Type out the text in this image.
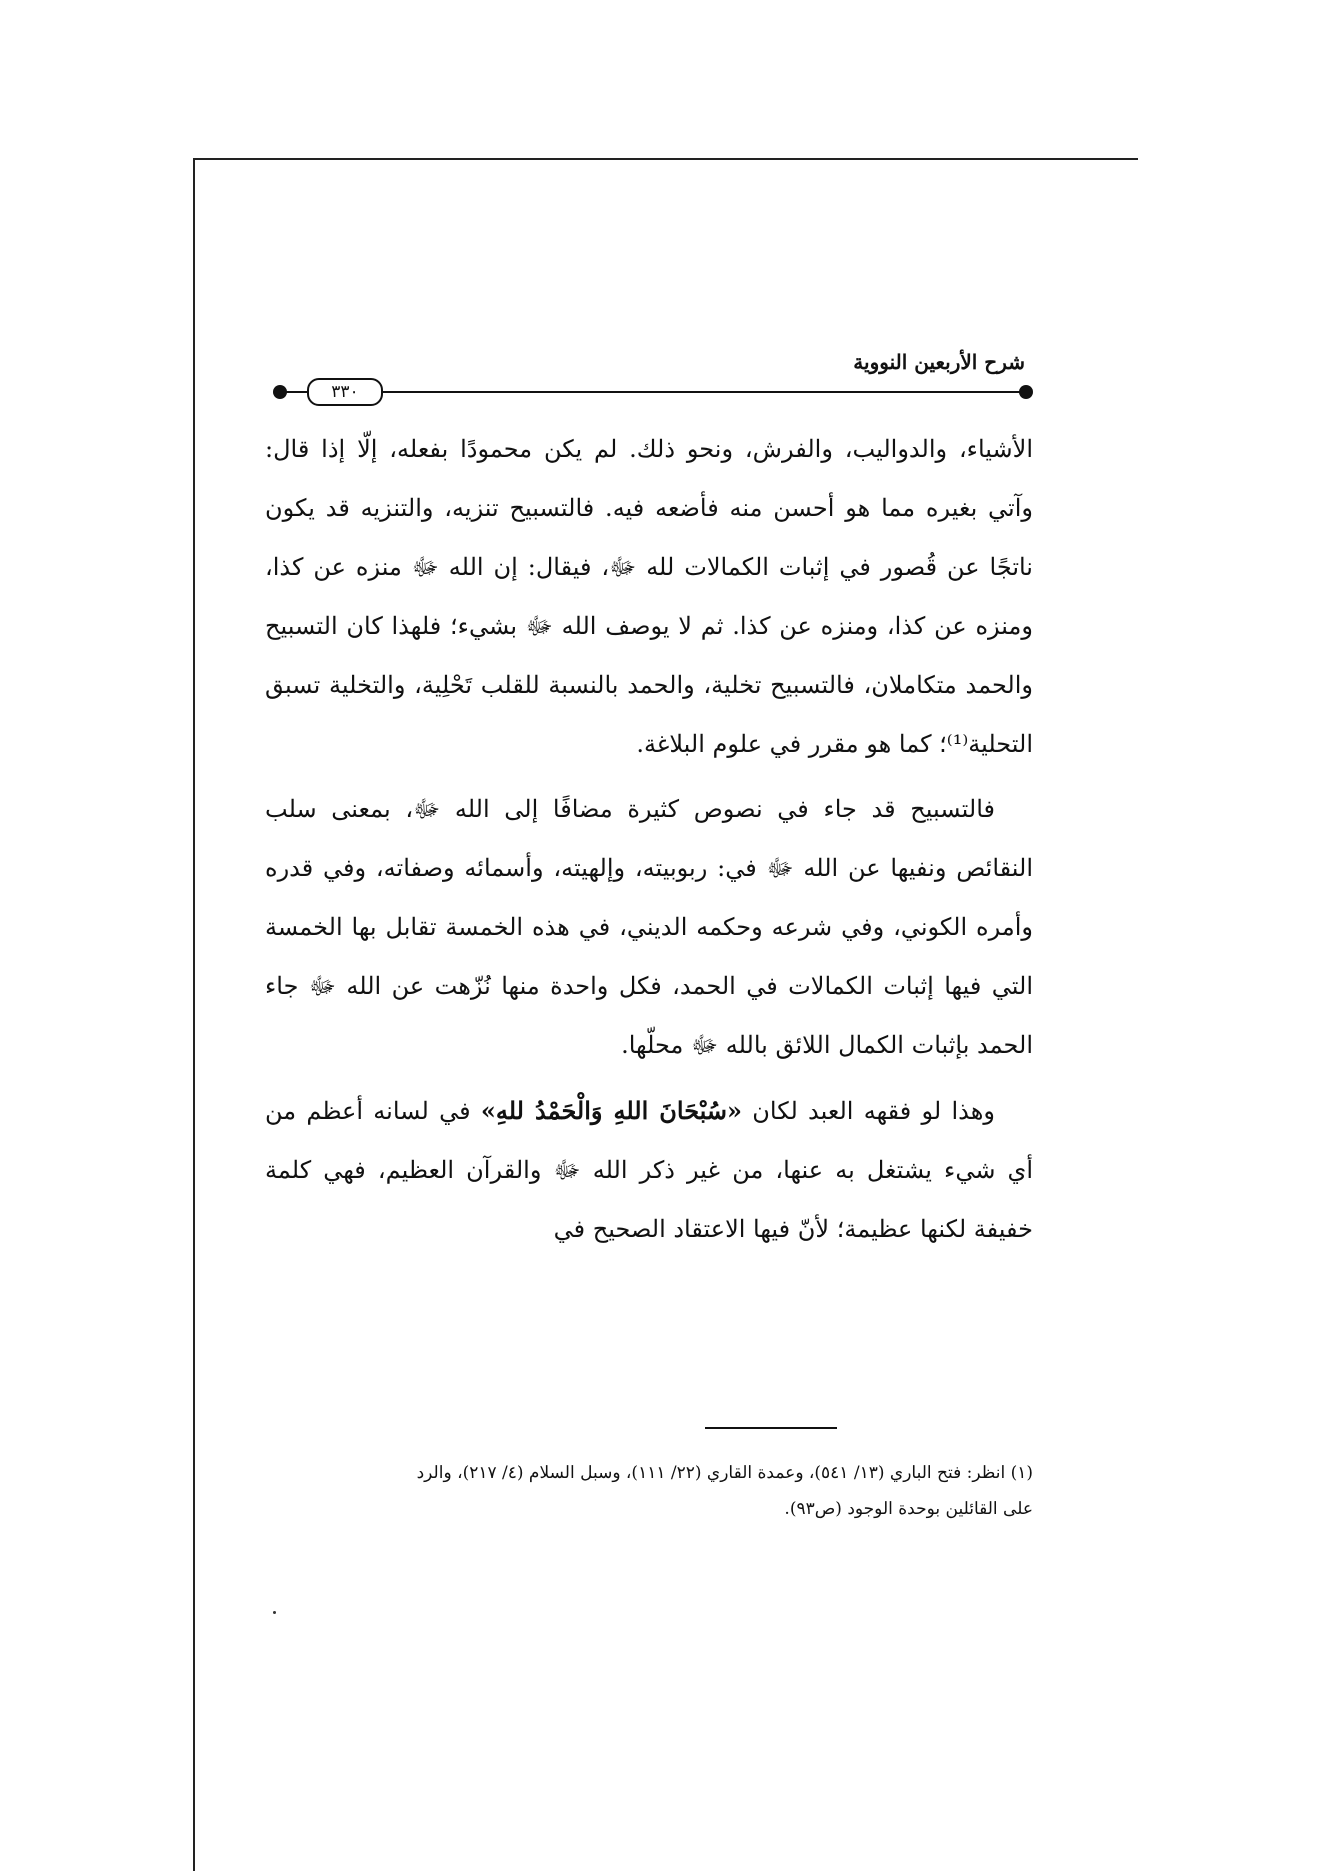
شرح الأربعين النووية
٣٣٠

الأشياء، والدواليب، والفرش، ونحو ذلك. لم يكن محمودًا بفعله، إلّا إذا قال: وآتي بغيره مما هو أحسن منه فأضعه فيه. فالتسبيح تنزيه، والتنزيه قد يكون ناتجًا عن قُصور في إثبات الكمالات لله ﷻ، فيقال: إن الله ﷻ منزه عن كذا، ومنزه عن كذا، ومنزه عن كذا. ثم لا يوصف الله ﷻ بشيء؛ فلهذا كان التسبيح والحمد متكاملان، فالتسبيح تخلية، والحمد بالنسبة للقلب تَحْلِية، والتخلية تسبق التحلية⁽¹⁾؛ كما هو مقرر في علوم البلاغة.

فالتسبيح قد جاء في نصوص كثيرة مضافًا إلى الله ﷻ، بمعنى سلب النقائص ونفيها عن الله ﷻ في: ربوبيته، وإلهيته، وأسمائه وصفاته، وفي قدره وأمره الكوني، وفي شرعه وحكمه الديني، في هذه الخمسة تقابل بها الخمسة التي فيها إثبات الكمالات في الحمد، فكل واحدة منها نُزّهت عن الله ﷻ جاء الحمد بإثبات الكمال اللائق بالله ﷻ محلّها.

وهذا لو فقهه العبد لكان «سُبْحَانَ اللهِ وَالْحَمْدُ للهِ» في لسانه أعظم من أي شيء يشتغل به عنها، من غير ذكر الله ﷻ والقرآن العظيم، فهي كلمة خفيفة لكنها عظيمة؛ لأنّ فيها الاعتقاد الصحيح في

(١) انظر: فتح الباري (١٣/ ٥٤١)، وعمدة القاري (٢٢/ ١١١)، وسبل السلام (٤/ ٢١٧)، والرد

على القائلين بوحدة الوجود (ص٩٣).
